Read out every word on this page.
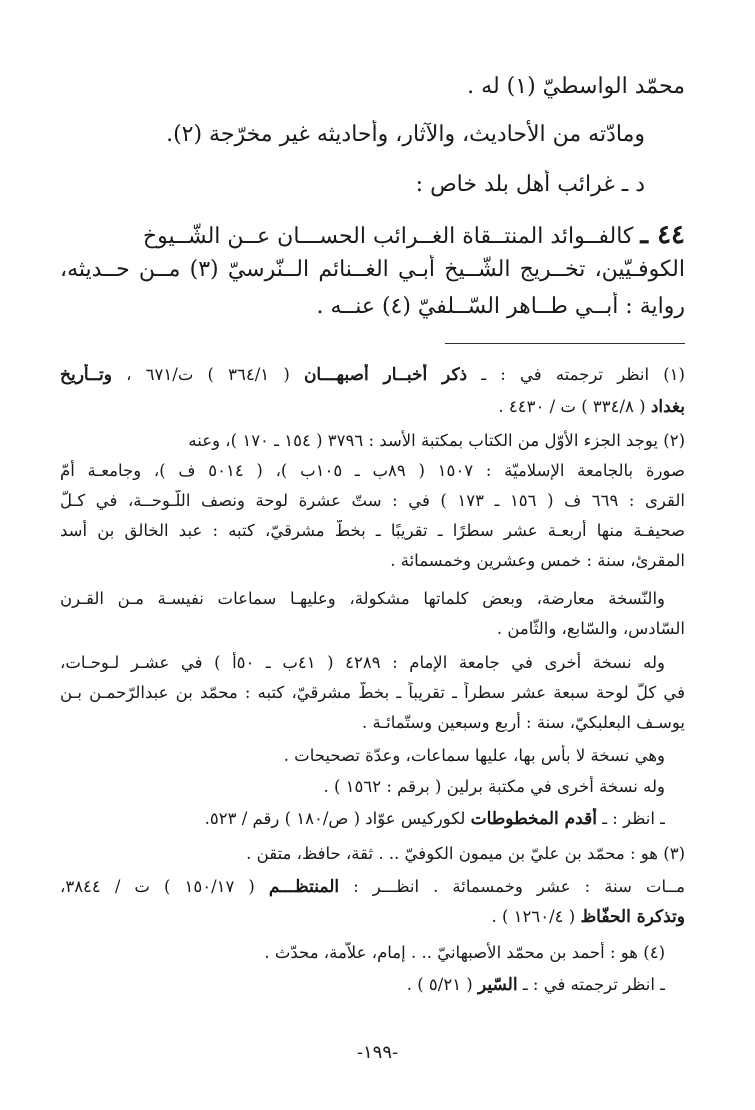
محمّد الواسطيّ (١) له .
ومادّته من الأحاديث، والآثار، وأحاديثه غير مخرّجة (٢).
د ـ غرائب أهل بلد خاص :
٤٤ ـ كالفــوائد المنتــقاة الغــرائب الحســـان عــن الشّــيوخ
الكوفـيّين، تخــريج الشّــيخ أبـي الغــنائم الــنّرسيّ (٣) مــن حــديثه،
رواية : أبــي طــاهر السّــلفيّ (٤) عنــه .
(١) انظر ترجمته في : ـ ذكر أخبــار أصبهـــان ( ٣٦٤/١ ) ت/٦٧١ ، وتــأريخ
بغداد ( ٣٣٤/٨ ) ت / ٤٤٣٠ .
(٢) يوجد الجزء الأوّل من الكتاب بمكتبة الأسد : ٣٧٩٦ ( ١٥٤ ـ ١٧٠ )، وعنه
صورة بالجامعة الإسلاميّة : ١٥٠٧ ( ٨٩ب ـ ١٠٥ب )، ( ٥٠١٤ ف )، وجامعـة أمّ
القرى : ٦٦٩ ف ( ١٥٦ ـ ١٧٣ ) في : ستّ عشرة لوحة ونصف اللّـوحــة، في كـلّ
صحيفـة منها أربعـة عشر سطرًا ـ تقريبًا ـ بخطّ مشرقيّ، كتبه : عبد الخالق بن أسد
المقرئ، سنة : خمس وعشرين وخمسمائة .
والنّسخة معارضة، وبعض كلماتها مشكولة، وعليهـا سماعات نفيسـة مـن القـرن
السّادس، والسّابع، والثّامن .
وله نسخة أخرى في جامعة الإمام : ٤٢٨٩ ( ٤١ب ـ ٥٠أ ) في عشـر لـوحـات،
في كلّ لوحة سبعة عشر سطراً ـ تقريباً ـ بخطّ مشرقيّ، كتبه : محمّد بن عبدالرّحمـن بـن
يوسـف البعلبكيّ، سنة : أربع وسبعين وستّمائـة .
وهي نسخة لا بأس بها، عليها سماعات، وعدّة تصحيحات .
وله نسخة أخرى في مكتبة برلين ( برقم : ١٥٦٢ ) .
ـ انظر : ـ أقدم المخطوطات لكوركيس عوّاد ( ص/١٨٠ ) رقم / ٥٢٣.
(٣) هو : محمّد بن عليّ بن ميمون الكوفيّ .. . ثقة، حافظ، متقن .
مــات سنة : عشر وخمسمائة . انظـــر : المنتظـــم ( ١٥٠/١٧ ) ت / ٣٨٤٤،
وتذكرة الحفّاظ ( ١٢٦٠/٤ ) .
(٤) هو : أحمد بن محمّد الأصبهانيّ .. . إمام، علاّمة، محدّث .
ـ انظر ترجمته في : ـ السّير ( ٥/٢١ ) .
-١٩٩-
